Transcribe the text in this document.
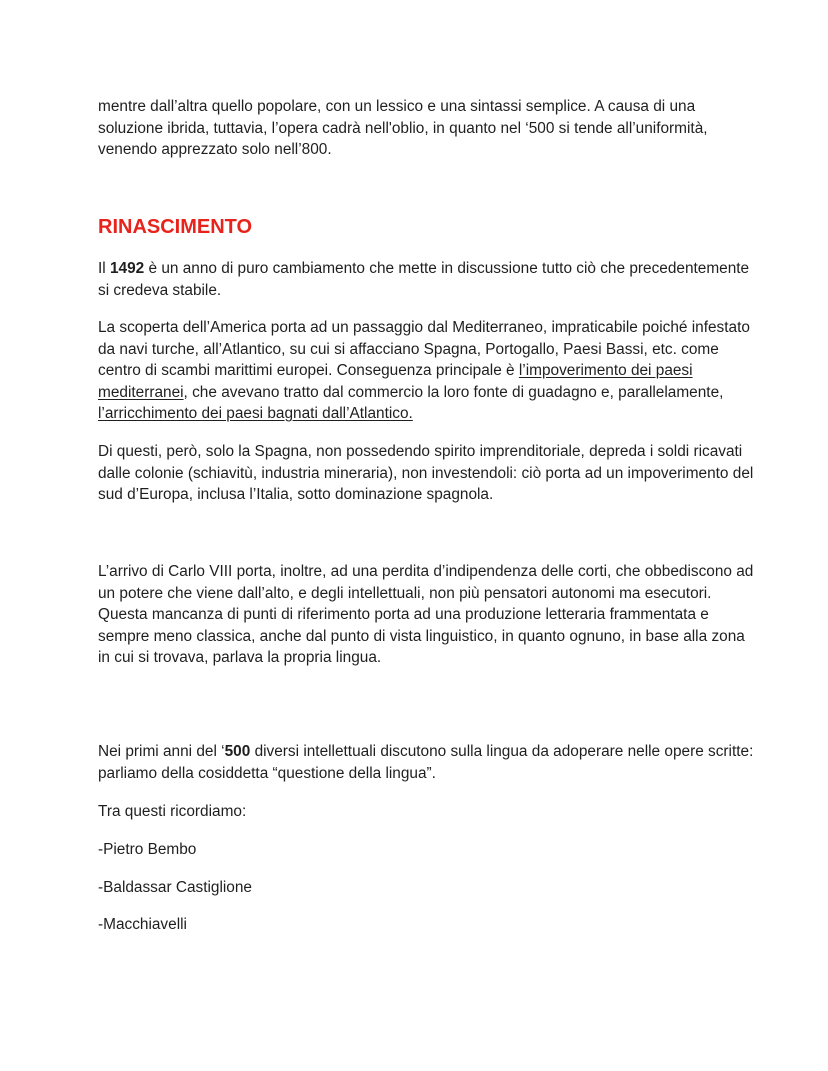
mentre dall’altra quello popolare, con un lessico e una sintassi semplice. A causa di una soluzione ibrida, tuttavia, l’opera cadrà nell'oblio, in quanto nel ‘500 si tende all’uniformità, venendo apprezzato solo nell’800.

RINASCIMENTO

Il 1492 è un anno di puro cambiamento che mette in discussione tutto ciò che precedentemente si credeva stabile.

La scoperta dell’America porta ad un passaggio dal Mediterraneo, impraticabile poiché infestato da navi turche, all’Atlantico, su cui si affacciano Spagna, Portogallo, Paesi Bassi, etc. come centro di scambi marittimi europei. Conseguenza principale è l’impoverimento dei paesi mediterranei, che avevano tratto dal commercio la loro fonte di guadagno e, parallelamente, l’arricchimento dei paesi bagnati dall’Atlantico.

Di questi, però, solo la Spagna, non possedendo spirito imprenditoriale, depreda i soldi ricavati dalle colonie (schiavitù, industria mineraria), non investendoli: ciò porta ad un impoverimento del sud d’Europa, inclusa l’Italia, sotto dominazione spagnola.

L’arrivo di Carlo VIII porta, inoltre, ad una perdita d’indipendenza delle corti, che obbediscono ad un potere che viene dall’alto, e degli intellettuali, non più pensatori autonomi ma esecutori. Questa mancanza di punti di riferimento porta ad una produzione letteraria frammentata e sempre meno classica, anche dal punto di vista linguistico, in quanto ognuno, in base alla zona in cui si trovava, parlava la propria lingua.

Nei primi anni del ‘500 diversi intellettuali discutono sulla lingua da adoperare nelle opere scritte: parliamo della cosiddetta “questione della lingua”.

Tra questi ricordiamo:

-Pietro Bembo

-Baldassar Castiglione

-Macchiavelli
